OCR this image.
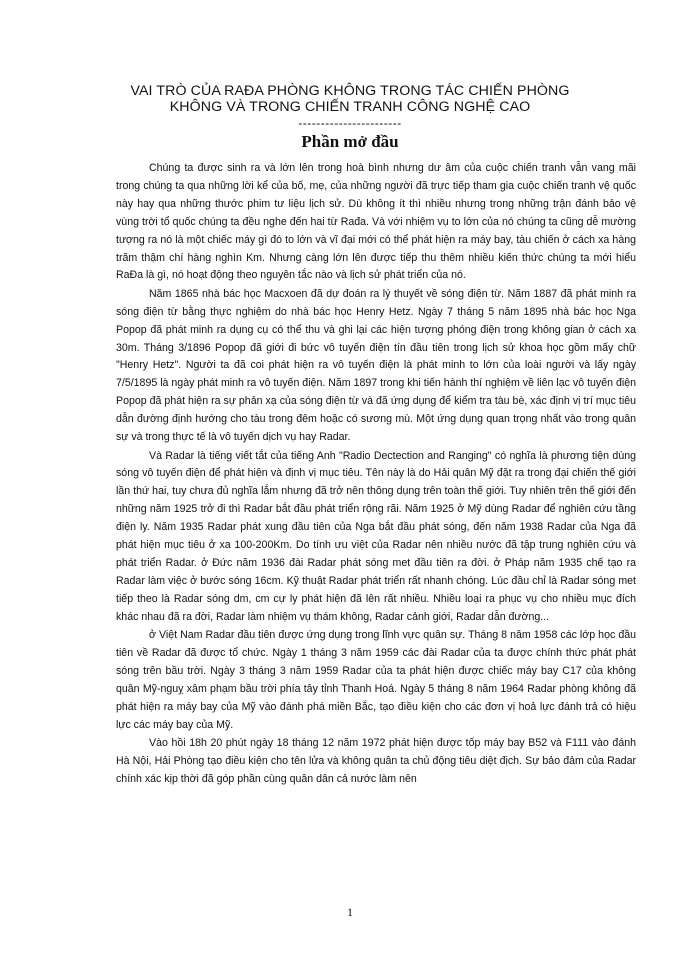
VAI TRÒ CỦA RAĐA PHÒNG KHÔNG TRONG TÁC CHIẾN PHÒNG
KHÔNG VÀ TRONG CHIẾN TRANH CÔNG NGHỆ CAO
-----------------------
Phần mở đầu

Chúng ta được sinh ra và lớn lên trong hoà bình nhưng dư âm của cuộc chiến tranh vẫn vang mãi trong chúng ta qua những lời kể của bố, mẹ, của những người đã trực tiếp tham gia cuộc chiến tranh vệ quốc này hay qua những thước phim tư liệu lịch sử. Dù không ít thì nhiều nhưng trong những trận đánh bảo vệ vùng trời tổ quốc chúng ta đều nghe đến hai từ Rađa. Và với nhiệm vụ to lớn của nó chúng ta cũng dễ mường tượng ra nó là một chiếc máy gì đó to lớn và vĩ đại mới có thể phát hiện ra máy bay, tàu chiến ở cách xa hàng trăm thậm chí hàng nghìn Km. Nhưng càng lớn lên được tiếp thu thêm nhiều kiến thức chúng ta mới hiểu RaĐa là gì, nó hoạt động theo nguyên tắc nào và lịch sử phát triển của nó.

Năm 1865 nhà bác học Macxoen đã dự đoán ra lý thuyết về sóng điện từ. Năm 1887 đã phát minh ra sóng điện từ bằng thực nghiệm do nhà bác học Henry Hetz. Ngày 7 tháng 5 năm 1895 nhà bác học Nga Popop đã phát minh ra dụng cụ có thể thu và ghi lại các hiện tượng phóng điện trong không gian ở cách xa 30m. Tháng 3/1896 Popop đã giới đi bức vô tuyến điện tín đầu tiên trong lịch sử khoa học gồm mấy chữ "Henry Hetz". Người ta đã coi phát hiện ra vô tuyến điện là phát minh to lớn của loài người và lấy ngày 7/5/1895 là ngày phát minh ra vô tuyến điện. Năm 1897 trong khi tiến hành thí nghiệm về liên lạc vô tuyến điện Popop đã phát hiện ra sự phản xạ của sóng điện từ và đã ứng dụng để kiểm tra tàu bè, xác định vị trí mục tiêu dẫn đường định hướng cho tàu trong đêm hoặc có sương mù. Một ứng dụng quan trọng nhất vào trong quân sự và trong thực tế là vô tuyến dịch vụ hay Radar.

Và Radar là tiếng viết tắt của tiếng Anh "Radio Dectection and Ranging" có nghĩa là phương tiện dùng sóng vô tuyến điện để phát hiện và định vị mục tiêu. Tên này là do Hải quân Mỹ đặt ra trong đại chiến thế giới lần thứ hai, tuy chưa đủ nghĩa lắm nhưng đã trở nên thông dụng trên toàn thế giới. Tuy nhiên trên thế giới đến những năm 1925 trở đi thì Radar bắt đầu phát triển rộng rãi. Năm 1925 ở Mỹ dùng Radar để nghiên cứu tầng điện ly. Năm 1935 Radar phát xung đầu tiên của Nga bắt đầu phát sóng, đến năm 1938 Radar của Nga đã phát hiện mục tiêu ở xa 100-200Km. Do tính ưu việt của Radar nên nhiều nước đã tập trung nghiên cứu và phát triển Radar. ở Đức năm 1936 đài Radar phát sóng met đầu tiên ra đời. ở Pháp năm 1935 chế tạo ra Radar làm việc ở bước sóng 16cm. Kỹ thuật Radar phát triển rất nhanh chóng. Lúc đầu chỉ là Radar sóng met tiếp theo là Radar sóng dm, cm cự ly phát hiện đã lên rất nhiều. Nhiều loại ra phục vụ cho nhiều mục đích khác nhau đã ra đời, Radar làm nhiệm vụ thám không, Radar cảnh giới, Radar dẫn đường...

ở Việt Nam Radar đầu tiên được ứng dụng trong lĩnh vực quân sự. Tháng 8 năm 1958 các lớp học đầu tiên về Radar đã được tổ chức. Ngày 1 tháng 3 năm 1959 các đài Radar của ta được chính thức phát phát sóng trên bầu trời. Ngày 3 tháng 3 năm 1959 Radar của ta phát hiện được chiếc máy bay C17 của không quân Mỹ-nguỵ xâm phạm bầu trời phía tây tỉnh Thanh Hoá. Ngày 5 tháng 8 năm 1964 Radar phòng không đã phát hiện ra máy bay của Mỹ vào đánh phá miền Bắc, tạo điều kiện cho các đơn vị hoả lực đánh trả có hiệu lực các máy bay của Mỹ.

Vào hồi 18h 20 phút ngày 18 tháng 12 năm 1972 phát hiện được tốp máy bay B52 và F111 vào đánh Hà Nội, Hải Phòng tạo điều kiện cho tên lửa và không quân ta chủ động tiêu diệt địch. Sự bảo đảm của Radar chính xác kịp thời đã góp phần cùng quân dân cả nước làm nên

1
